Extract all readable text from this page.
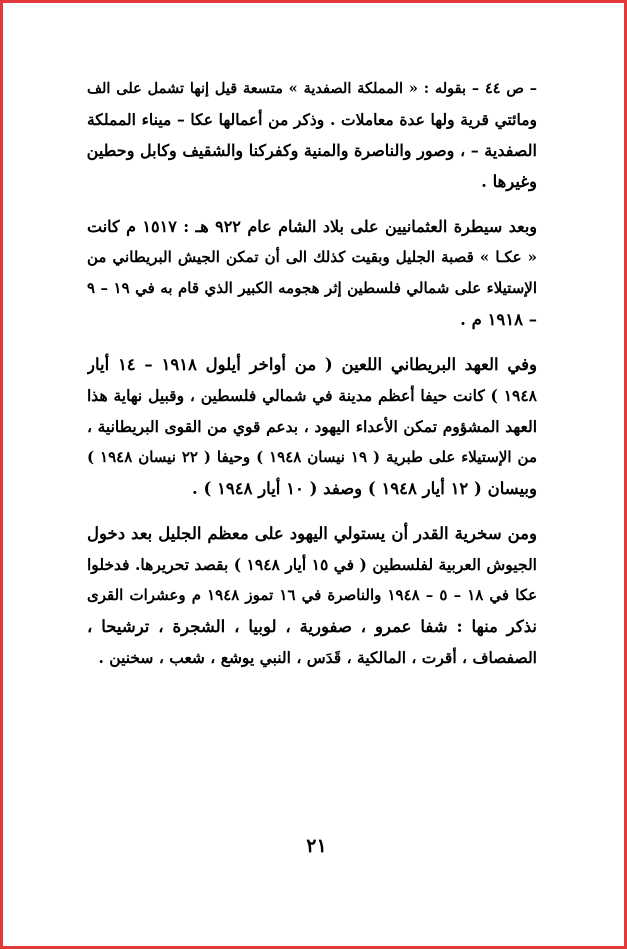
– ص ٤٤ – بقوله : « المملكة الصفدية » متسعة قيل إنها تشمل على الف
ومائتي قرية ولها عدة معاملات . وذكر من أعمالها عكا – ميناء المملكة
الصفدية – ، وصور والناصرة والمنية وكفركنا والشقيف وكابل وحطين
وغيرها .
وبعد سيطرة العثمانيين على بلاد الشام عام ٩٢٢ هـ : ١٥١٧ م كانت
« عكـا » قصبة الجليل وبقيت كذلك الى أن تمكن الجيش البريطاني من
الإستيلاء على شمالي فلسطين إثر هجومه الكبير الذي قام به في ١٩ – ٩
– ١٩١٨ م .
وفي العهد البريطاني اللعين ( من أواخر أيلول ١٩١٨ – ١٤ أيار
١٩٤٨ ) كانت حيفا أعظم مدينة في شمالي فلسطين ، وقبيل نهاية هذا
العهد المشؤوم تمكن الأعداء اليهود ، بدعم قوي من القوى البريطانية ،
من الإستيلاء على طبرية ( ١٩ نيسان ١٩٤٨ ) وحيفا ( ٢٢ نيسان ١٩٤٨ )
وبيسان ( ١٢ أيار ١٩٤٨ ) وصفد ( ١٠ أيار ١٩٤٨ ) .
ومن سخرية القدر أن يستولي اليهود على معظم الجليل بعد دخول
الجيوش العربية لفلسطين ( في ١٥ أيار ١٩٤٨ ) بقصد تحريرها. فدخلوا
عكا في ١٨ – ٥ – ١٩٤٨ والناصرة في ١٦ تموز ١٩٤٨ م وعشرات القرى
نذكر منها : شفا عمرو ، صفورية ، لوبيا ، الشجرة ، ترشيحا ،
الصفصاف ، أقرت ، المالكية ، قَدَس ، النبي يوشع ، شعب ، سخنين .
٢١
